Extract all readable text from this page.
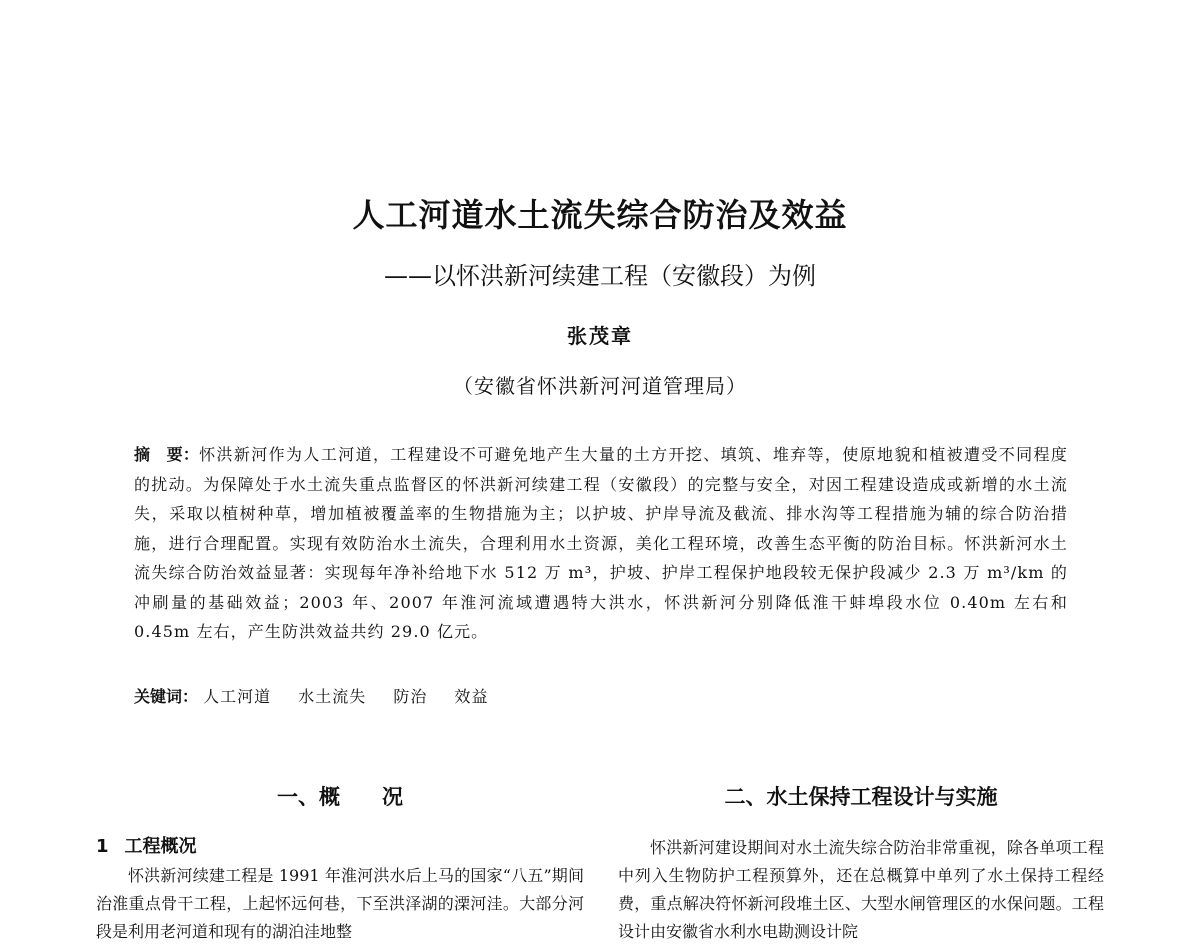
人工河道水土流失综合防治及效益
——以怀洪新河续建工程（安徽段）为例
张茂章
（安徽省怀洪新河河道管理局）
摘　要：怀洪新河作为人工河道，工程建设不可避免地产生大量的土方开挖、填筑、堆弃等，使原地貌和植被遭受不同程度的扰动。为保障处于水土流失重点监督区的怀洪新河续建工程（安徽段）的完整与安全，对因工程建设造成或新增的水土流失，采取以植树种草，增加植被覆盖率的生物措施为主；以护坡、护岸导流及截流、排水沟等工程措施为辅的综合防治措施，进行合理配置。实现有效防治水土流失，合理利用水土资源，美化工程环境，改善生态平衡的防治目标。怀洪新河水土流失综合防治效益显著：实现每年净补给地下水 512 万 m³，护坡、护岸工程保护地段较无保护段减少 2.3 万 m³/km 的冲刷量的基础效益；2003 年、2007 年淮河流域遭遇特大洪水，怀洪新河分别降低淮干蚌埠段水位 0.40m 左右和 0.45m 左右，产生防洪效益共约 29.0 亿元。
关键词： 人工河道 水土流失 防治 效益
一、概　　况
1 工程概况

怀洪新河续建工程是 1991 年淮河洪水后上马的国家“八五”期间治淮重点骨干工程，上起怀远何巷，下至洪泽湖的溧河洼。大部分河段是利用老河道和现有的湖泊洼地整

二、水土保持工程设计与实施

怀洪新河建设期间对水土流失综合防治非常重视，除各单项工程中列入生物防护工程预算外，还在总概算中单列了水土保持工程经费，重点解决符怀新河段堆土区、大型水闸管理区的水保问题。工程设计由安徽省水利水电勘测设计院
